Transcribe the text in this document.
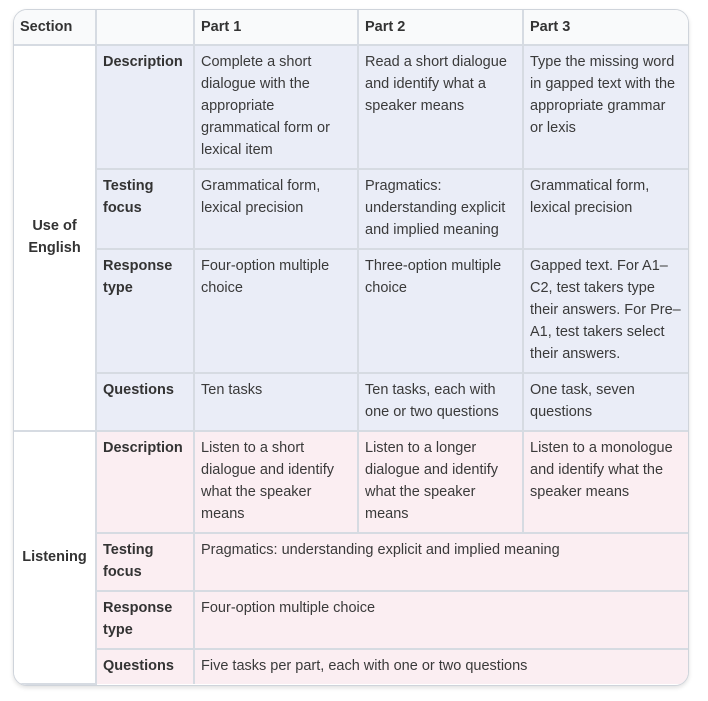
Section		Part 1	Part 2	Part 3
Use of English	Description	Complete a short dialogue with the appropriate grammatical form or lexical item	Read a short dialogue and identify what a speaker means	Type the missing word in gapped text with the appropriate grammar or lexis
	Testing focus	Grammatical form, lexical precision	Pragmatics: understanding explicit and implied meaning	Grammatical form, lexical precision
	Response type	Four-option multiple choice	Three-option multiple choice	Gapped text. For A1–C2, test takers type their answers. For Pre–A1, test takers select their answers.
	Questions	Ten tasks	Ten tasks, each with one or two questions	One task, seven questions
Listening	Description	Listen to a short dialogue and identify what the speaker means	Listen to a longer dialogue and identify what the speaker means	Listen to a monologue and identify what the speaker means
	Testing focus	Pragmatics: understanding explicit and implied meaning		
	Response type	Four-option multiple choice		
	Questions	Five tasks per part, each with one or two questions		
